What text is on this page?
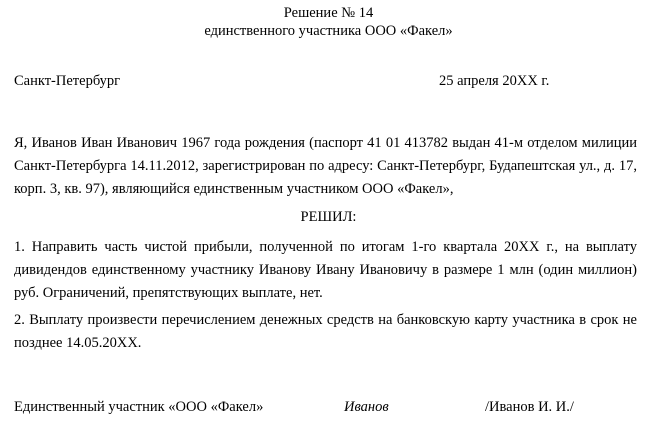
Решение № 14
единственного участника ООО «Факел»
Санкт-Петербург	25 апреля 20ХХ г.
Я, Иванов Иван Иванович 1967 года рождения (паспорт 41 01 413782 выдан 41-м отделом милиции Санкт-Петербурга 14.11.2012, зарегистрирован по адресу: Санкт-Петербург, Будапештская ул., д. 17, корп. 3, кв. 97), являющийся единственным участником ООО «Факел»,
РЕШИЛ:
1. Направить часть чистой прибыли, полученной по итогам 1-го квартала 20ХХ г., на выплату дивидендов единственному участнику Иванову Ивану Ивановичу в размере 1 млн (один миллион) руб. Ограничений, препятствующих выплате, нет.
2. Выплату произвести перечислением денежных средств на банковскую карту участника в срок не позднее 14.05.20ХХ.
Единственный участник «ООО «Факел»	Иванов	/Иванов И. И./
